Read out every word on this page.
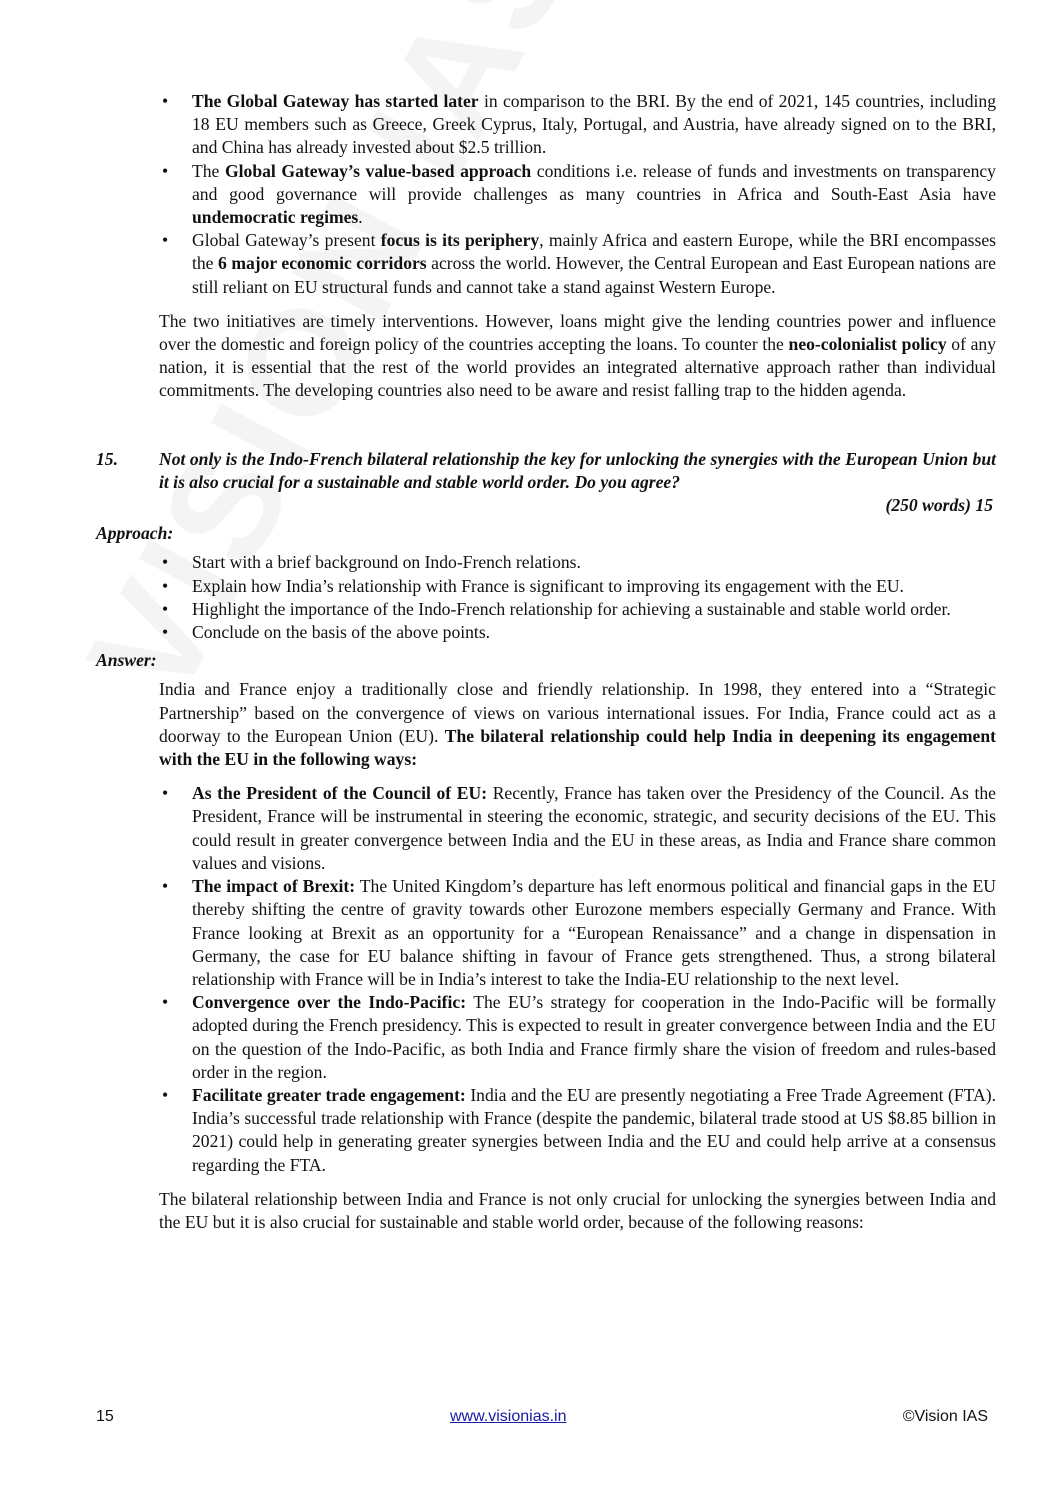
• The Global Gateway has started later in comparison to the BRI. By the end of 2021, 145 countries, including 18 EU members such as Greece, Greek Cyprus, Italy, Portugal, and Austria, have already signed on to the BRI, and China has already invested about $2.5 trillion.
• The Global Gateway’s value-based approach conditions i.e. release of funds and investments on transparency and good governance will provide challenges as many countries in Africa and South-East Asia have undemocratic regimes.
• Global Gateway’s present focus is its periphery, mainly Africa and eastern Europe, while the BRI encompasses the 6 major economic corridors across the world. However, the Central European and East European nations are still reliant on EU structural funds and cannot take a stand against Western Europe.

The two initiatives are timely interventions. However, loans might give the lending countries power and influence over the domestic and foreign policy of the countries accepting the loans. To counter the neo-colonialist policy of any nation, it is essential that the rest of the world provides an integrated alternative approach rather than individual commitments. The developing countries also need to be aware and resist falling trap to the hidden agenda.

15.	Not only is the Indo-French bilateral relationship the key for unlocking the synergies with the European Union but it is also crucial for a sustainable and stable world order. Do you agree?
(250 words) 15
Approach:
• Start with a brief background on Indo-French relations.
• Explain how India’s relationship with France is significant to improving its engagement with the EU.
• Highlight the importance of the Indo-French relationship for achieving a sustainable and stable world order.
• Conclude on the basis of the above points.
Answer:

India and France enjoy a traditionally close and friendly relationship. In 1998, they entered into a “Strategic Partnership” based on the convergence of views on various international issues. For India, France could act as a doorway to the European Union (EU). The bilateral relationship could help India in deepening its engagement with the EU in the following ways:

• As the President of the Council of EU: Recently, France has taken over the Presidency of the Council. As the President, France will be instrumental in steering the economic, strategic, and security decisions of the EU. This could result in greater convergence between India and the EU in these areas, as India and France share common values and visions.
• The impact of Brexit: The United Kingdom’s departure has left enormous political and financial gaps in the EU thereby shifting the centre of gravity towards other Eurozone members especially Germany and France. With France looking at Brexit as an opportunity for a “European Renaissance” and a change in dispensation in Germany, the case for EU balance shifting in favour of France gets strengthened. Thus, a strong bilateral relationship with France will be in India’s interest to take the India-EU relationship to the next level.
• Convergence over the Indo-Pacific: The EU’s strategy for cooperation in the Indo-Pacific will be formally adopted during the French presidency. This is expected to result in greater convergence between India and the EU on the question of the Indo-Pacific, as both India and France firmly share the vision of freedom and rules-based order in the region.
• Facilitate greater trade engagement: India and the EU are presently negotiating a Free Trade Agreement (FTA). India’s successful trade relationship with France (despite the pandemic, bilateral trade stood at US $8.85 billion in 2021) could help in generating greater synergies between India and the EU and could help arrive at a consensus regarding the FTA.

The bilateral relationship between India and France is not only crucial for unlocking the synergies between India and the EU but it is also crucial for sustainable and stable world order, because of the following reasons:

15	www.visionias.in	©Vision IAS
